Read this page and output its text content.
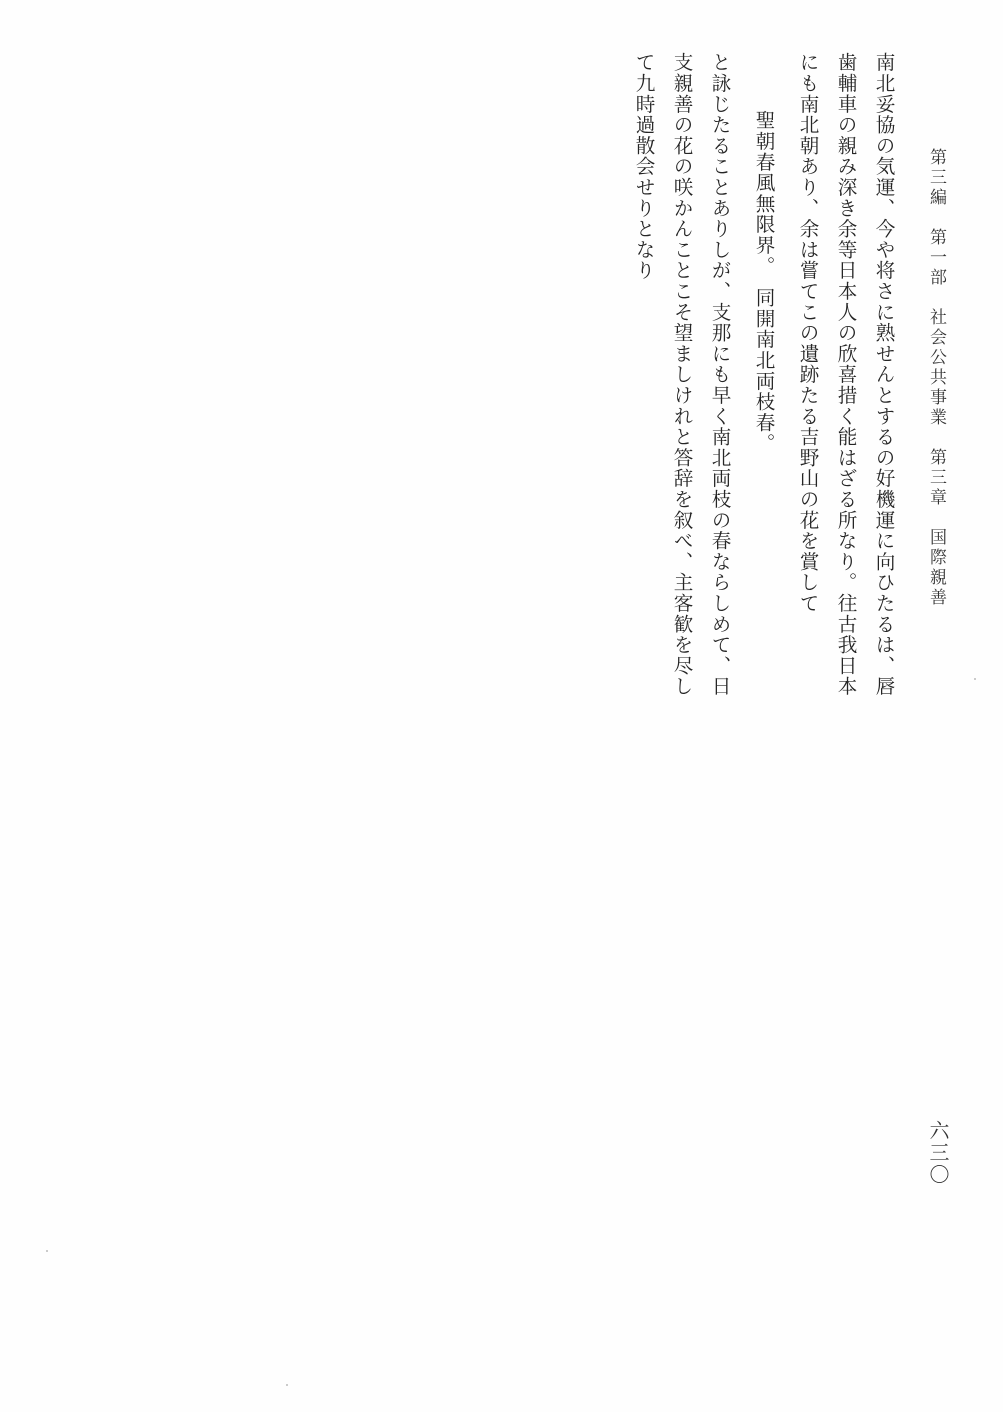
第三編　第一部　社会公共事業　第三章　国際親善
南北妥協の気運、今や将さに熟せんとするの好機運に向ひたるは、唇
歯輔車の親み深き余等日本人の欣喜措く能はざる所なり。往古我日本
にも南北朝あり、余は嘗てこの遺跡たる吉野山の花を賞して
聖朝春風無限界。　同開南北両枝春。
と詠じたることありしが、支那にも早く南北両枝の春ならしめて、日
支親善の花の咲かんことこそ望ましけれと答辞を叙べ、主客歓を尽し
て九時過散会せりとなり
六三〇
